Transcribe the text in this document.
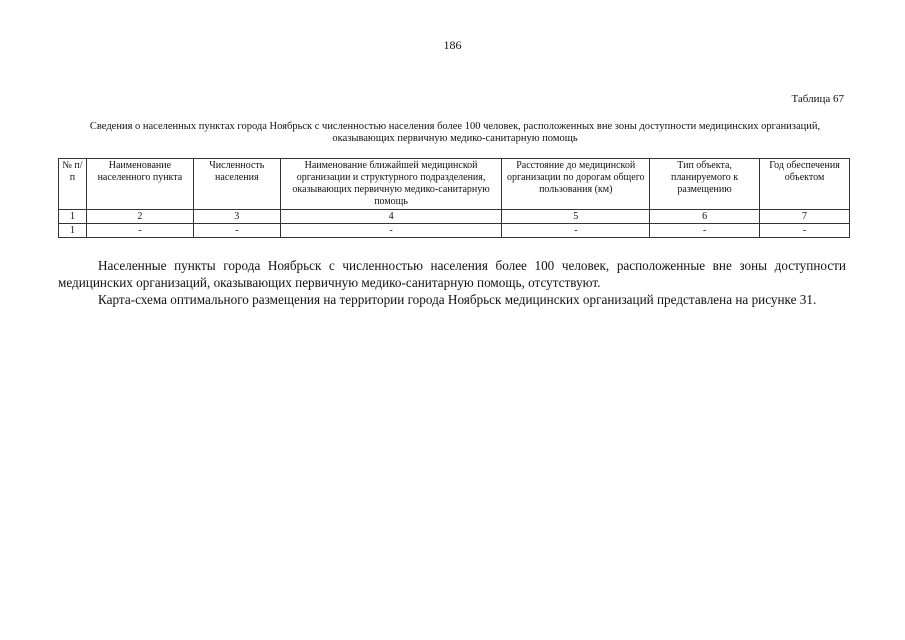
186
Таблица 67
Сведения о населенных пунктах города Ноябрьск с численностью населения более 100 человек, расположенных вне зоны доступности медицинских организаций, оказывающих первичную медико-санитарную помощь
№ п/п	Наименование населенного пункта	Численность населения	Наименование ближайшей медицинской организации и структурного подразделения, оказывающих первичную медико-санитарную помощь	Расстояние до медицинской организации по дорогам общего пользования (км)	Тип объекта, планируемого к размещению	Год обеспечения объектом
1	2	3	4	5	6	7
1	-	-	-	-	-	-

Населенные пункты города Ноябрьск с численностью населения более 100 человек, расположенные вне зоны доступности медицинских организаций, оказывающих первичную медико-санитарную помощь, отсутствуют.

Карта-схема оптимального размещения на территории города Ноябрьск медицинских организаций представлена на рисунке 31.
